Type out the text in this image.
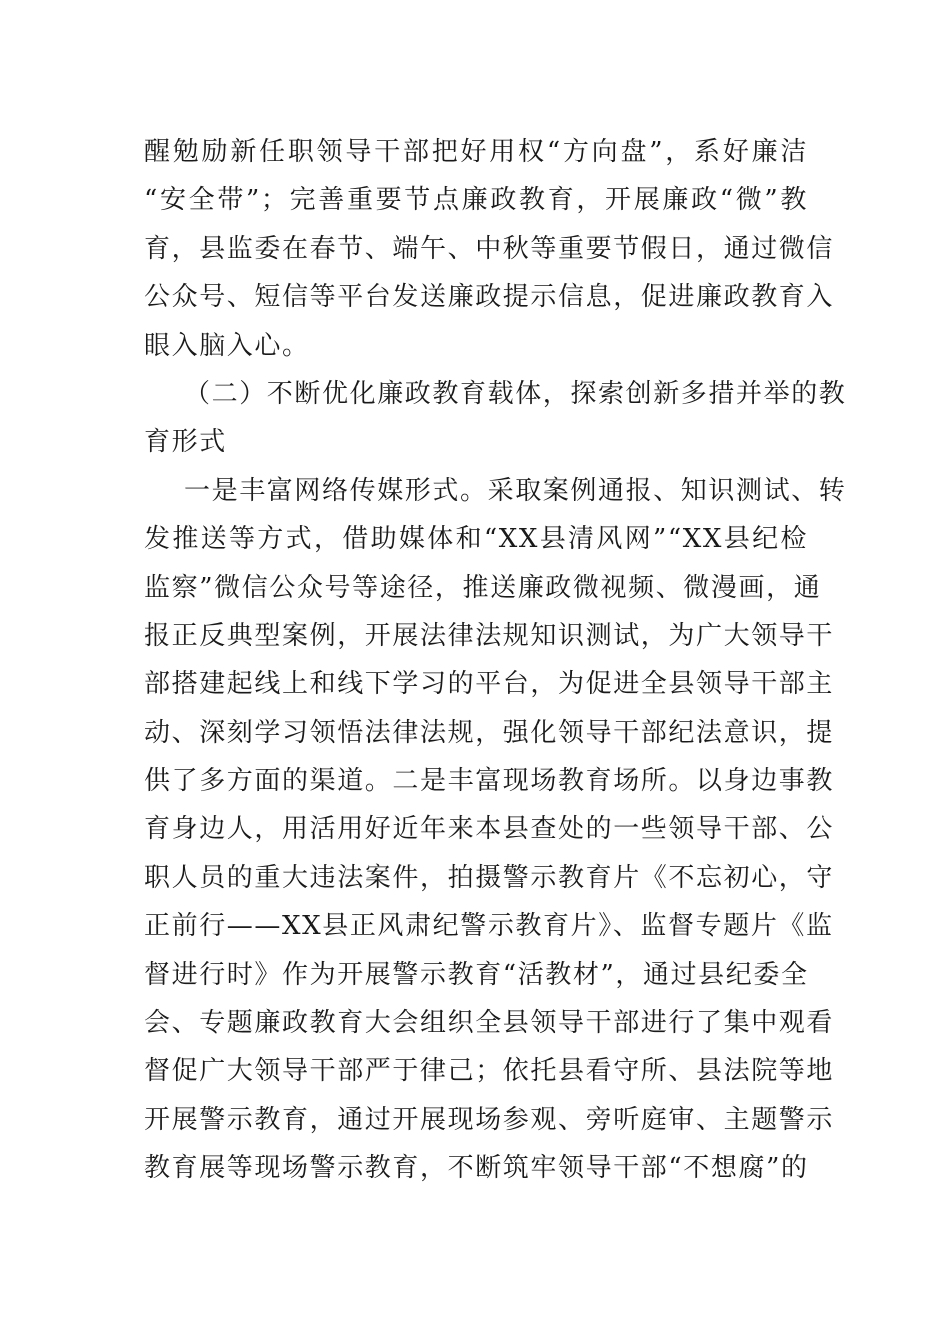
醒勉励新任职领导干部把好用权“方向盘”，系好廉洁
“安全带”；完善重要节点廉政教育，开展廉政“微”教
育，县监委在春节、端午、中秋等重要节假日，通过微信
公众号、短信等平台发送廉政提示信息，促进廉政教育入
眼入脑入心。
（二）不断优化廉政教育载体，探索创新多措并举的教
育形式
一是丰富网络传媒形式。采取案例通报、知识测试、转
发推送等方式，借助媒体和“XX县清风网”“XX县纪检
监察”微信公众号等途径，推送廉政微视频、微漫画，通
报正反典型案例，开展法律法规知识测试，为广大领导干
部搭建起线上和线下学习的平台，为促进全县领导干部主
动、深刻学习领悟法律法规，强化领导干部纪法意识，提
供了多方面的渠道。二是丰富现场教育场所。以身边事教
育身边人，用活用好近年来本县查处的一些领导干部、公
职人员的重大违法案件，拍摄警示教育片《不忘初心，守
正前行——XX县正风肃纪警示教育片》、监督专题片《监
督进行时》作为开展警示教育“活教材”，通过县纪委全
会、专题廉政教育大会组织全县领导干部进行了集中观看
督促广大领导干部严于律己；依托县看守所、县法院等地
开展警示教育，通过开展现场参观、旁听庭审、主题警示
教育展等现场警示教育，不断筑牢领导干部“不想腐”的
